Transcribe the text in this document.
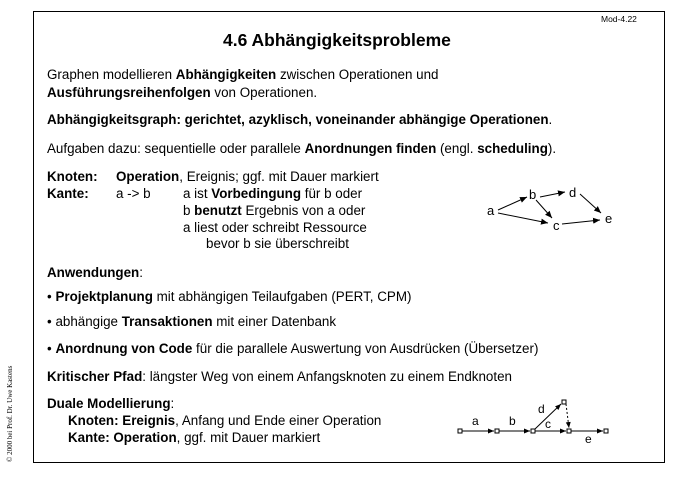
Mod-4.22
4.6 Abhängigkeitsprobleme
© 2000 bei Prof. Dr. Uwe Kastens
Graphen modellieren Abhängigkeiten zwischen Operationen und
Ausführungsreihenfolgen von Operationen.
Abhängigkeitsgraph: gerichtet, azyklisch, voneinander abhängige Operationen.
Aufgaben dazu: sequentielle oder parallele Anordnungen finden (engl. scheduling).
Knoten: Operation, Ereignis; ggf. mit Dauer markiert
Kante: a -> b a ist Vorbedingung für b oder
b benutzt Ergebnis von a oder
a liest oder schreibt Ressource
bevor b sie überschreibt
a
b	d
c	e
Anwendungen:
• Projektplanung mit abhängigen Teilaufgaben (PERT, CPM)
• abhängige Transaktionen mit einer Datenbank
• Anordnung von Code für die parallele Auswertung von Ausdrücken (Übersetzer)
Kritischer Pfad: längster Weg von einem Anfangsknoten zu einem Endknoten
Duale Modellierung:
Knoten: Ereignis, Anfang und Ende einer Operation
Kante: Operation, ggf. mit Dauer markiert
a	b
d
c
e
